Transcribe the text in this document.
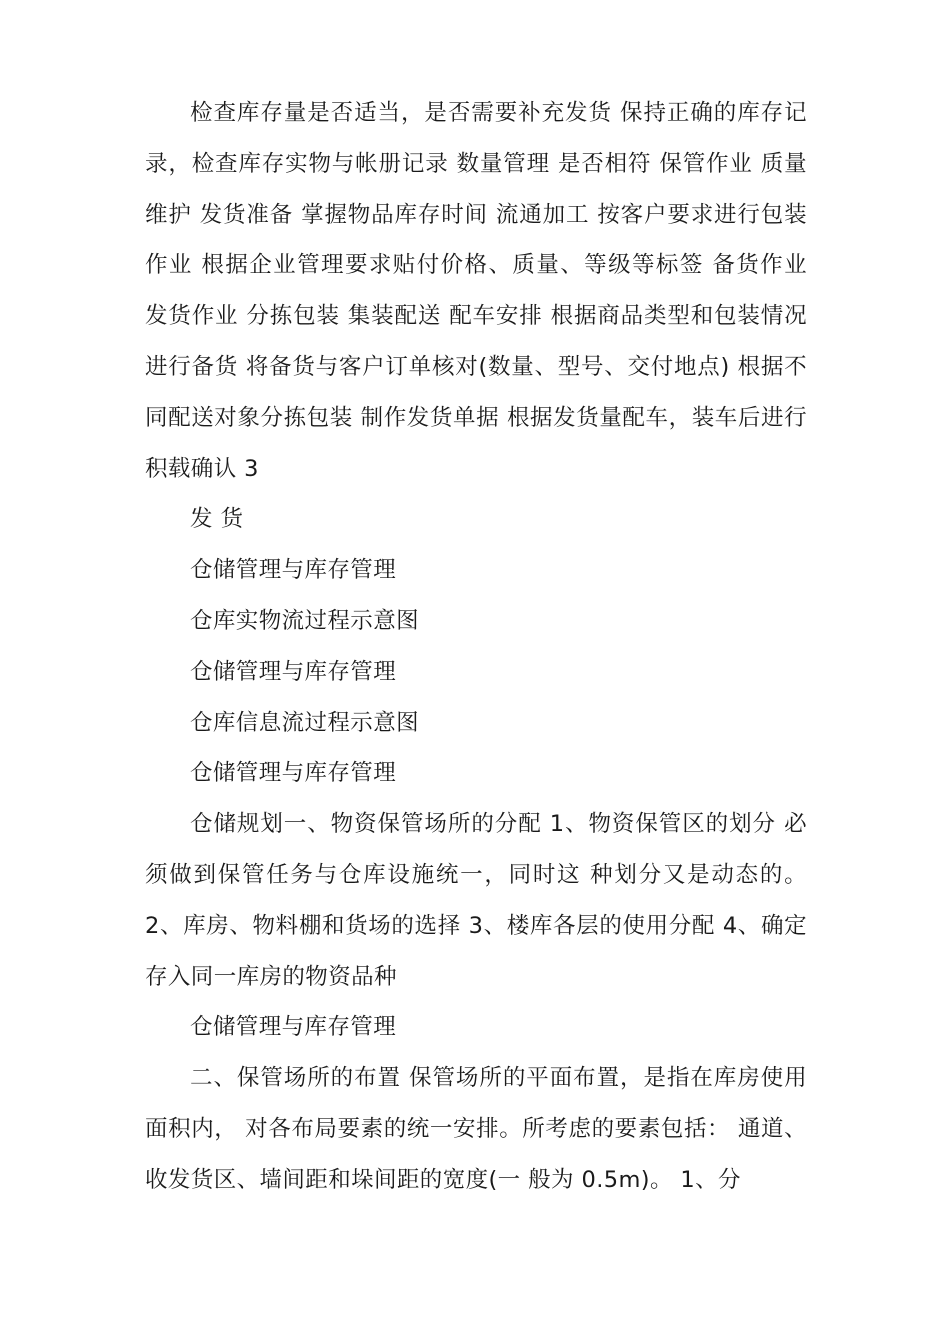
检查库存量是否适当，是否需要补充发货 保持正确的库存记录，检查库存实物与帐册记录 数量管理 是否相符 保管作业 质量维护 发货准备 掌握物品库存时间 流通加工 按客户要求进行包装作业 根据企业管理要求贴付价格、质量、等级等标签 备货作业 发货作业 分拣包装 集装配送 配车安排 根据商品类型和包装情况进行备货 将备货与客户订单核对(数量、型号、交付地点) 根据不同配送对象分拣包装 制作发货单据 根据发货量配车，装车后进行积载确认 3

发 货

仓储管理与库存管理

仓库实物流过程示意图

仓储管理与库存管理

仓库信息流过程示意图

仓储管理与库存管理

仓储规划一、物资保管场所的分配 1、物资保管区的划分 必须做到保管任务与仓库设施统一，同时这 种划分又是动态的。 2、库房、物料棚和货场的选择 3、楼库各层的使用分配 4、确定存入同一库房的物资品种

仓储管理与库存管理

二、保管场所的布置 保管场所的平面布置，是指在库房使用面积内， 对各布局要素的统一安排。所考虑的要素包括： 通道、收发货区、墙间距和垛间距的宽度(一 般为 0.5m)。 1、分
